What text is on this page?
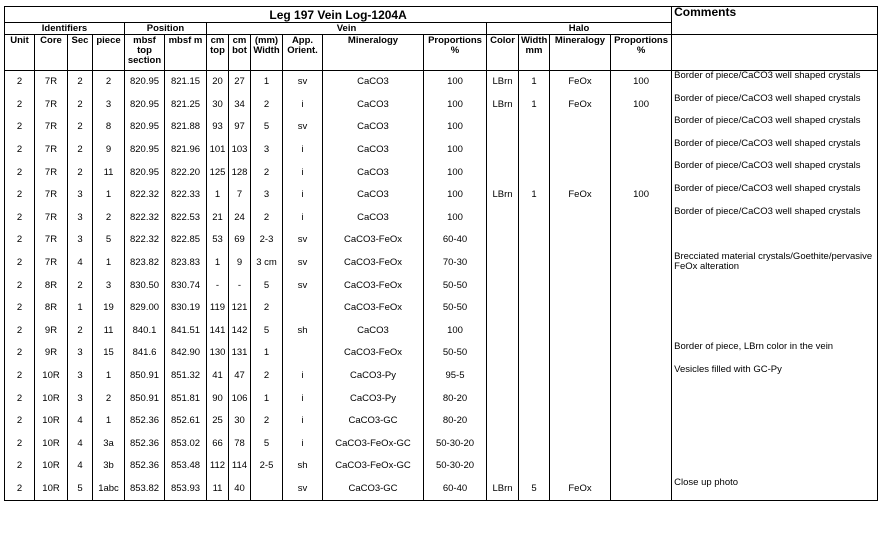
Leg 197 Vein Log-1204A																Comments
Identifiers				Position		Vein						Halo				
Unit	Core	Sec	piece	mbsf top section	mbsf m	cm top	cm bot	(mm) Width	App. Orient.	Mineralogy	Proportions %	Color	Width mm	Mineralogy	Proportions %	
2	7R	2	2	820.95	821.15	20	27	1	sv	CaCO3	100	LBrn	1	FeOx	100	Border of piece/CaCO3 well shaped crystals
2	7R	2	3	820.95	821.25	30	34	2	i	CaCO3	100	LBrn	1	FeOx	100	Border of piece/CaCO3 well shaped crystals
2	7R	2	8	820.95	821.88	93	97	5	sv	CaCO3	100					Border of piece/CaCO3 well shaped crystals
2	7R	2	9	820.95	821.96	101	103	3	i	CaCO3	100					Border of piece/CaCO3 well shaped crystals
2	7R	2	11	820.95	822.20	125	128	2	i	CaCO3	100					Border of piece/CaCO3 well shaped crystals
2	7R	3	1	822.32	822.33	1	7	3	i	CaCO3	100	LBrn	1	FeOx	100	Border of piece/CaCO3 well shaped crystals
2	7R	3	2	822.32	822.53	21	24	2	i	CaCO3	100					Border of piece/CaCO3 well shaped crystals
2	7R	3	5	822.32	822.85	53	69	2-3	sv	CaCO3-FeOx	60-40					
2	7R	4	1	823.82	823.83	1	9	3 cm	sv	CaCO3-FeOx	70-30					Brecciated material crystals/Goethite/pervasive FeOx alteration
2	8R	2	3	830.50	830.74	-	-	5	sv	CaCO3-FeOx	50-50					
2	8R	1	19	829.00	830.19	119	121	2		CaCO3-FeOx	50-50					
2	9R	2	11	840.1	841.51	141	142	5	sh	CaCO3	100					
2	9R	3	15	841.6	842.90	130	131	1		CaCO3-FeOx	50-50					Border of piece, LBrn color in the vein
2	10R	3	1	850.91	851.32	41	47	2	i	CaCO3-Py	95-5					Vesicles filled with GC-Py
2	10R	3	2	850.91	851.81	90	106	1	i	CaCO3-Py	80-20					
2	10R	4	1	852.36	852.61	25	30	2	i	CaCO3-GC	80-20					
2	10R	4	3a	852.36	853.02	66	78	5	i	CaCO3-FeOx-GC	50-30-20					
2	10R	4	3b	852.36	853.48	112	114	2-5	sh	CaCO3-FeOx-GC	50-30-20					
2	10R	5	1abc	853.82	853.93	11	40		sv	CaCO3-GC	60-40	LBrn	5	FeOx		Close up photo
